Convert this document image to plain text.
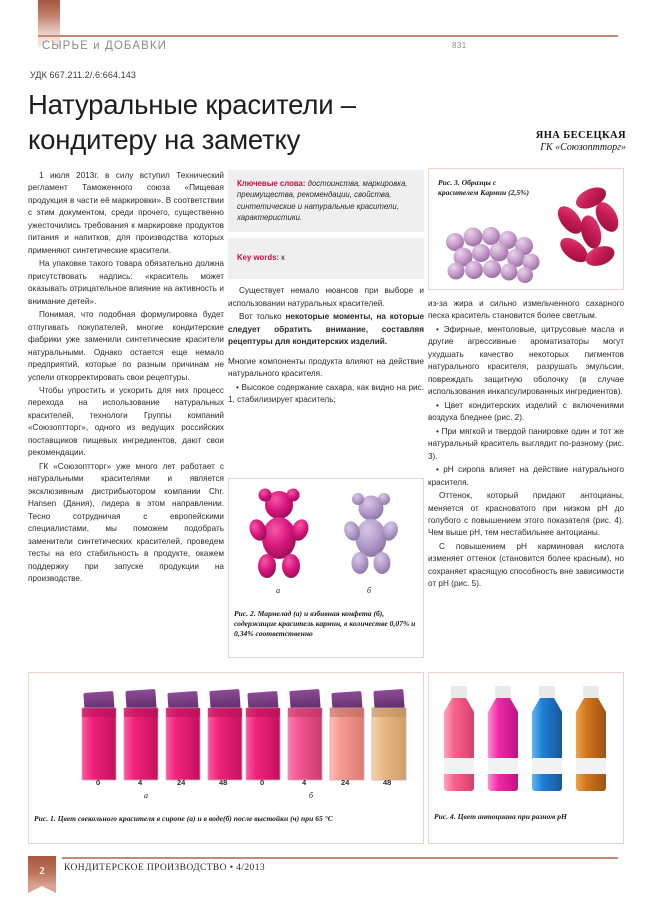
СЫРЬЕ и ДОБАВКИ	831
УДК 667.211.2/.6:664.143
Натуральные красители – кондитеру на заметку	ЯНА БЕСЕЦКАЯ
ГК «Союзоптторг»

1 июля 2013г. в силу вступил Технический регламент Таможенного союза «Пищевая продукция в части её маркировки». В соответствии с этим документом, среди прочего, существенно ужесточились требования к маркировке продуктов питания и напитков, для производства которых применяют синтетические красители.

На упаковке такого товара обязательно должна присутствовать надпись: «краситель может оказывать отрицательное влияние на активность и внимание детей».

Понимая, что подобная формулировка будет отпугивать покупателей, многие кондитерские фабрики уже заменили синтетические красители натуральными. Однако остается еще немало предприятий, которые по разным причинам не успели откорректировать свои рецептуры.

Чтобы упростить и ускорить для них процесс перехода на использование натуральных красителей, технологи Группы компаний «Союзоптторг», одного из ведущих российских поставщиков пищевых ингредиентов, дают свои рекомендации.

ГК «Союзоптторг» уже много лет работает с натуральными красителями и является эксклюзивным дистрибьютором компании Chr. Hansen (Дания), лидера в этом направлении. Тесно сотрудничая с европейскими специалистами, мы поможем подобрать заменители синтетических красителей, проведем тесты на его стабильность в продукте, окажем поддержку при запуске продукции на производстве.

Ключевые слова: достоинства, маркировка, преимущества, рекомендации, свойства, синтетические и натуральные красители, характеристики.

Key words: к

Существует немало нюансов при выборе и использовании натуральных красителей.

Вот только некоторые моменты, на которые следует обратить внимание, составляя рецептуры для кондитерских изделий.

Многие компоненты продукта влияют на действие натурального красителя.

• Высокое содержание сахара, как видно на рис. 1, стабилизирует краситель;

из-за жира и сильно измельченного сахарного песка краситель становится более светлым.

• Эфирные, ментоловые, цитрусовые масла и другие агрессивные ароматизаторы могут ухудшать качество некоторых пигментов натурального красителя, разрушать эмульсии, повреждать защитную оболочку (в случае использования инкапсулированных ингредиентов).

• Цвет кондитерских изделий с включениями воздуха бледнее (рис. 2).

• При мягкой и твердой панировке один и тот же натуральный краситель выглядит по-разному (рис. 3).

• рН сиропа влияет на действие натурального красителя.

Оттенок, который придают антоцианы, меняется от красноватого при низком рН до голубого с повышением этого показателя (рис. 4). Чем выше рН, тем нестабильнее антоцианы.

С повышением рН карминовая кислота изменяет оттенок (становится более красным), но сохраняет красящую способность вне зависимости от рН (рис. 5).

Рис. 3. Образцы с красителем Кармин (2,5%)
а	б
Рис. 2. Мармелад (а) и взбивная конфета (б), содержащие краситель кармин, в количестве 0,07% и 0,34% соответственно
0	4	24	48	0	4	24	48
а	б
Рис. 1. Цвет свекольного красителя в сиропе (а) и в воде(б) после выстойки (ч) при 65 °С	Рис. 4. Цвет антоциана при разном рН
2	КОНДИТЕРСКОЕ ПРОИЗВОДСТВО • 4/2013
